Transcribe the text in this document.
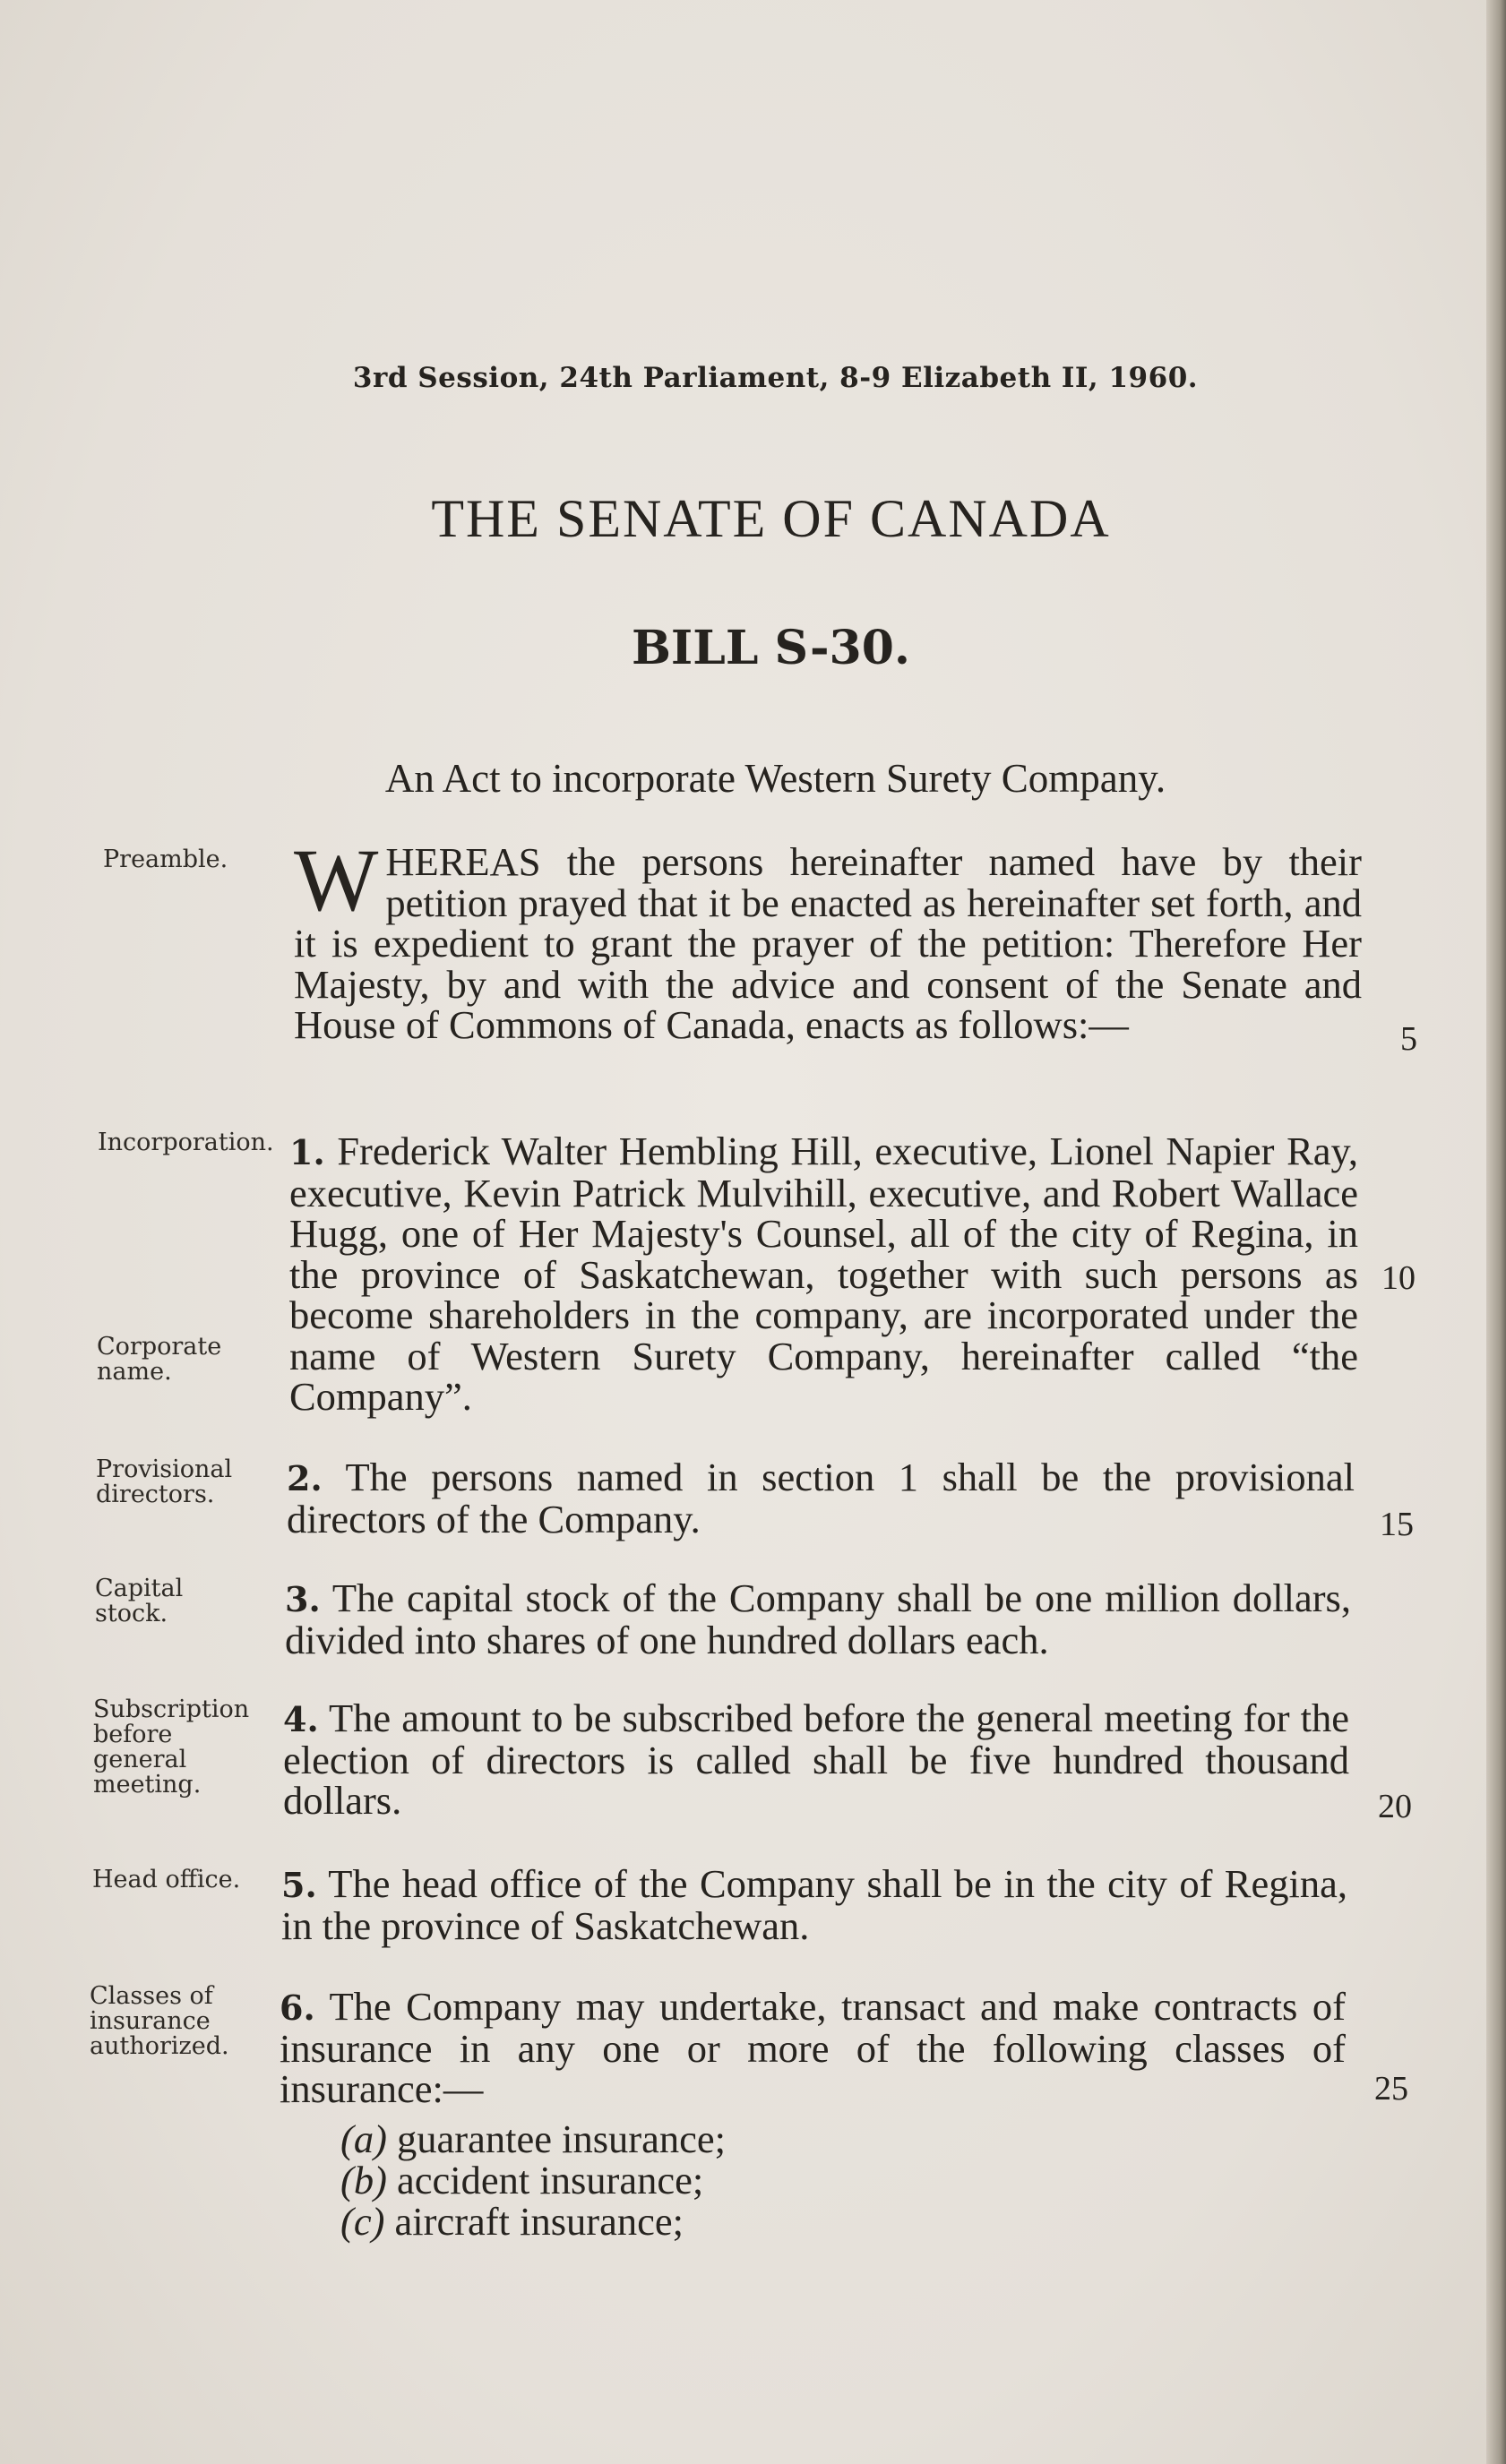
3rd Session, 24th Parliament, 8-9 Elizabeth II, 1960.
THE SENATE OF CANADA
BILL S-30.
An Act to incorporate Western Surety Company.
Preamble.
Incorporation.
Corporate
name.
Provisional
directors.
Capital
stock.
Subscription
before
general
meeting.
Head office.
Classes of
insurance
authorized.
WHEREAS the persons hereinafter named have by their petition prayed that it be enacted as hereinafter set forth, and it is expedient to grant the prayer of the petition: Therefore Her Majesty, by and with the advice and consent of the Senate and House of Commons of Canada, enacts as follows:—
1. Frederick Walter Hembling Hill, executive, Lionel Napier Ray, executive, Kevin Patrick Mulvihill, executive, and Robert Wallace Hugg, one of Her Majesty's Counsel, all of the city of Regina, in the province of Saskatchewan, together with such persons as become shareholders in the company, are incorporated under the name of Western Surety Company, hereinafter called “the Company”.
2. The persons named in section 1 shall be the provisional directors of the Company.
3. The capital stock of the Company shall be one million dollars, divided into shares of one hundred dollars each.
4. The amount to be subscribed before the general meeting for the election of directors is called shall be five hundred thousand dollars.
5. The head office of the Company shall be in the city of Regina, in the province of Saskatchewan.
6. The Company may undertake, transact and make contracts of insurance in any one or more of the following classes of insurance:—
(a) guarantee insurance;
(b) accident insurance;
(c) aircraft insurance;
5
10
15
20
25
